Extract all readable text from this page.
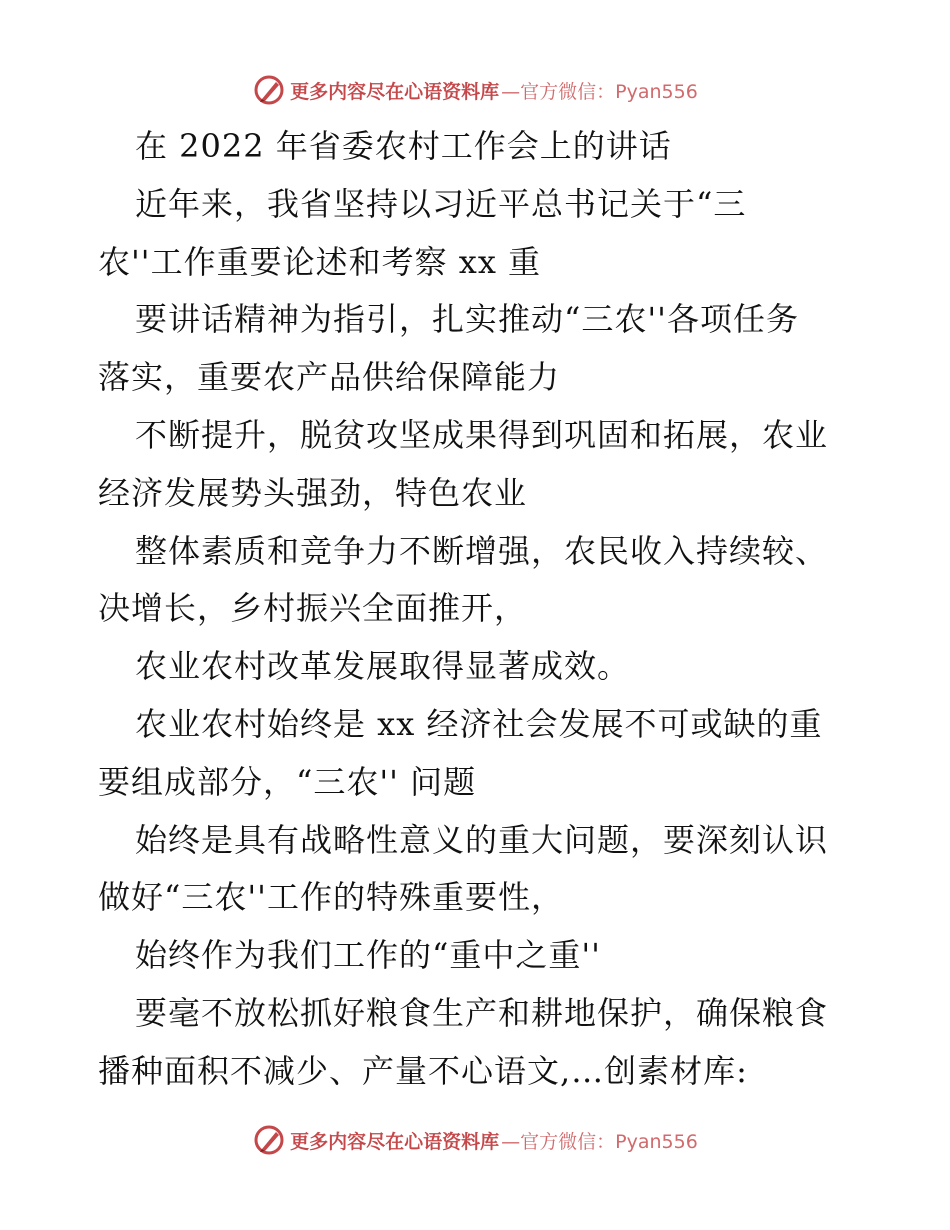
更多内容尽在心语资料库 —官方微信：Pyan556
在 2022 年省委农村工作会上的讲话
近年来，我省坚持以习近平总书记关于“三
农''工作重要论述和考察 xx 重
要讲话精神为指引，扎实推动“三农''各项任务
落实，重要农产品供给保障能力
不断提升，脱贫攻坚成果得到巩固和拓展，农业
经济发展势头强劲，特色农业
整体素质和竞争力不断增强，农民收入持续较、
决增长，乡村振兴全面推开，
农业农村改革发展取得显著成效。
农业农村始终是 xx 经济社会发展不可或缺的重
要组成部分，“三农'' 问题
始终是具有战略性意义的重大问题，要深刻认识
做好“三农''工作的特殊重要性，
始终作为我们工作的“重中之重''
要毫不放松抓好粮食生产和耕地保护，确保粮食
播种面积不减少、产量不心语文,…创素材库:
更多内容尽在心语资料库 —官方微信：Pyan556
